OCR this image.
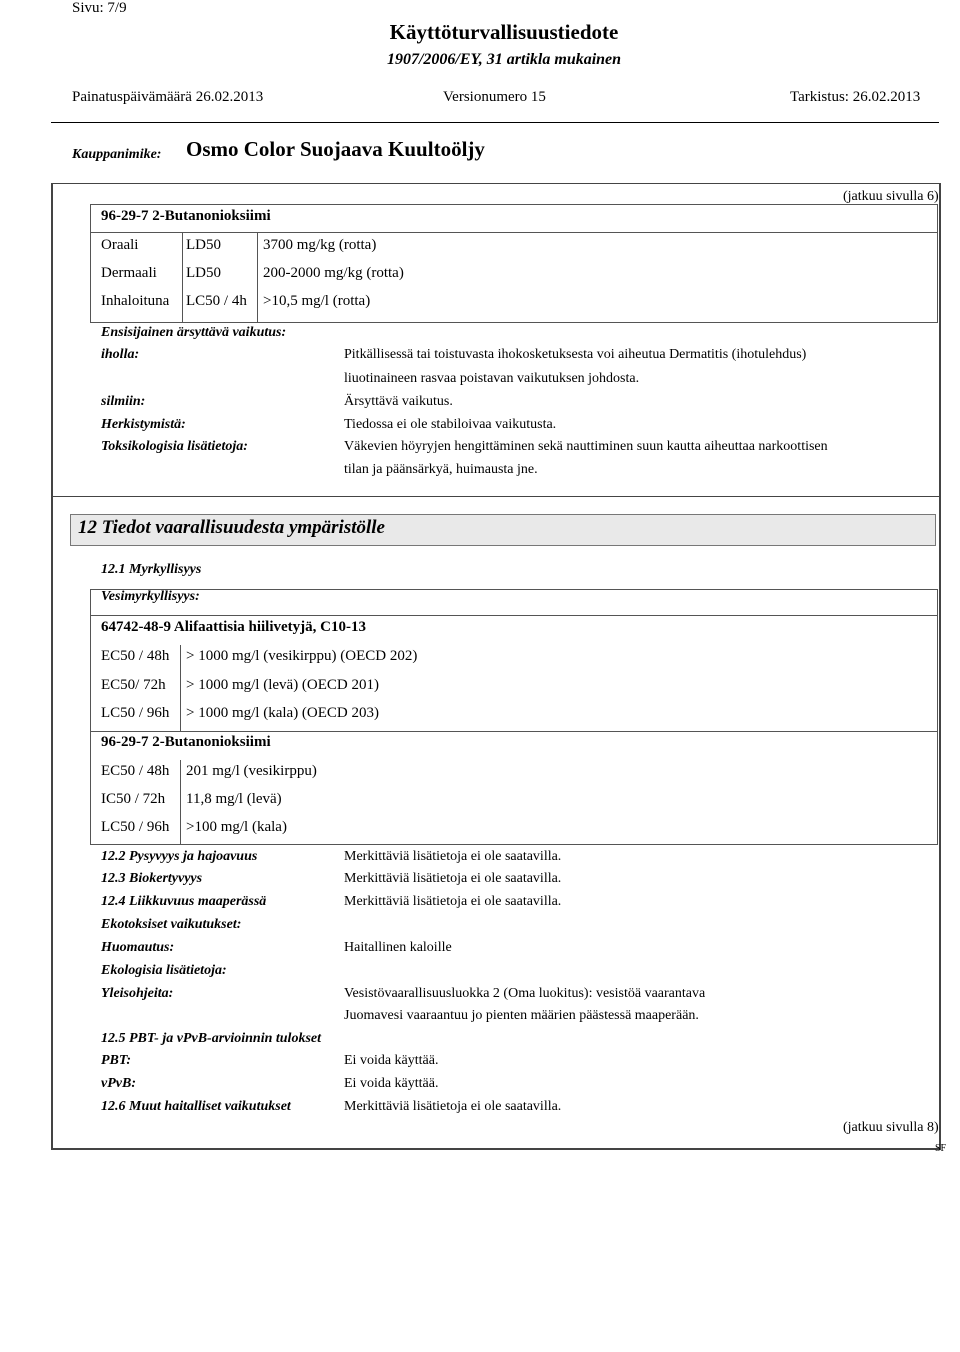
Sivu: 7/9
Käyttöturvallisuustiedote
1907/2006/EY, 31 artikla mukainen
Painatuspäivämäärä 26.02.2013	Versionumero 15	Tarkistus: 26.02.2013
Kauppanimike: Osmo Color Suojaava Kuultoöljy
(jatkuu sivulla 6)
96-29-7 2-Butanonioksiimi
Oraali	LD50	3700 mg/kg (rotta)
Dermaali LD50	200-2000 mg/kg (rotta)
Inhaloituna LC50 / 4h >10,5 mg/l (rotta)
Ensisijainen ärsyttävä vaikutus:
iholla:	Pitkällisessä tai toistuvasta ihokosketuksesta voi aiheutua Dermatitis (ihotulehdus)
liuotinaineen rasvaa poistavan vaikutuksen johdosta.
silmiin:	Ärsyttävä vaikutus.
Herkistymistä:	Tiedossa ei ole stabiloivaa vaikutusta.
Toksikologisia lisätietoja:	Väkevien höyryjen hengittäminen sekä nauttiminen suun kautta aiheuttaa narkoottisen
tilan ja päänsärkyä, huimausta jne.
12 Tiedot vaarallisuudesta ympäristölle
12.1 Myrkyllisyys
Vesimyrkyllisyys:
64742-48-9 Alifaattisia hiilivetyjä, C10-13
EC50 / 48h > 1000 mg/l (vesikirppu) (OECD 202)
EC50/ 72h > 1000 mg/l (levä) (OECD 201)
LC50 / 96h > 1000 mg/l (kala) (OECD 203)
96-29-7 2-Butanonioksiimi
EC50 / 48h 201 mg/l (vesikirppu)
IC50 / 72h 11,8 mg/l (levä)
LC50 / 96h >100 mg/l (kala)
12.2 Pysyvyys ja hajoavuus	Merkittäviä lisätietoja ei ole saatavilla.
12.3 Biokertyvyys	Merkittäviä lisätietoja ei ole saatavilla.
12.4 Liikkuvuus maaperässä	Merkittäviä lisätietoja ei ole saatavilla.
Ekotoksiset vaikutukset:
Huomautus:	Haitallinen kaloille
Ekologisia lisätietoja:
Yleisohjeita:	Vesistövaarallisuusluokka 2 (Oma luokitus): vesistöä vaarantava
Juomavesi vaaraantuu jo pienten määrien päästessä maaperään.
12.5 PBT- ja vPvB-arvioinnin tulokset
PBT:	Ei voida käyttää.
vPvB:	Ei voida käyttää.
12.6 Muut haitalliset vaikutukset	Merkittäviä lisätietoja ei ole saatavilla.
(jatkuu sivulla 8)
SF
